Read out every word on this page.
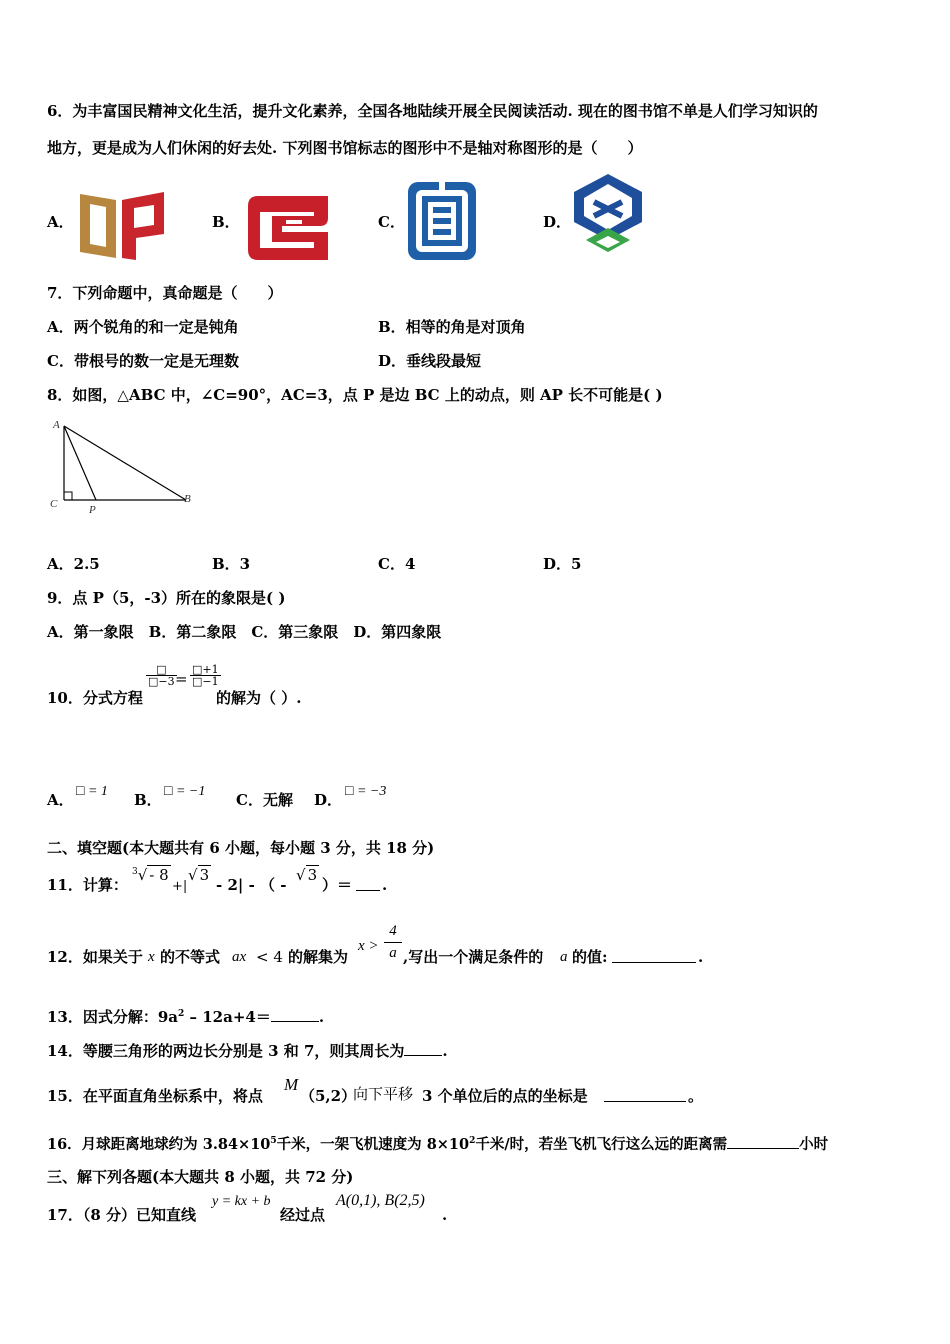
6．为丰富国民精神文化生活，提升文化素养，全国各地陆续开展全民阅读活动. 现在的图书馆不单是人们学习知识的
地方，更是成为人们休闲的好去处. 下列图书馆标志的图形中不是轴对称图形的是（　　）
A．	B．	C．	D．
7．下列命题中，真命题是（　　）
A．两个锐角的和一定是钝角	B．相等的角是对顶角
C．带根号的数一定是无理数	D．垂线段最短
8．如图，△ABC 中，∠C=90°，AC=3，点 P 是边 BC 上的动点，则 AP 长不可能是( )
A
C	P
B
A．2.5	B．3	C．4	D．5
9．点 P（5，-3）所在的象限是( )
A．第一象限　B．第二象限　C．第三象限　D．第四象限
10．分式方程
□
□−3 = $\frac{□+1}{□-1}$
的解为（ ）.
A． □ = 1 B． □ = −1 C．无解 D． □ = −3
二、填空题(本大题共有 6 小题，每小题 3 分，共 18 分)
11．计算：
$^3$√ - 8
+|
√ 3
- 2| - （ -
√ 3
）＝ .
12．如果关于 x 的不等式 ax < 4 的解集为
$x > \frac{4}{a}$ ,写出一个满足条件的 a 的值:	.
13．因式分解：$9a^2 - 12a+4=$	.
14．等腰三角形的两边长分别是 3 和 7，则其周长为	.
15．在平面直角坐标系中，将点
M
（5,2）
向下平移 3 个单位后的点的坐标是	。
16．月球距离地球约为 $3.84\times 10^5$千米，一架飞机速度为 $8\times 10^2$千米/时，若坐飞机飞行这么远的距离需	小时
三、解下列各题(本大题共 8 小题，共 72 分)
17．（8 分）已知直线
y = kx + b
经过点
A(0,1), B(2,5)
.
